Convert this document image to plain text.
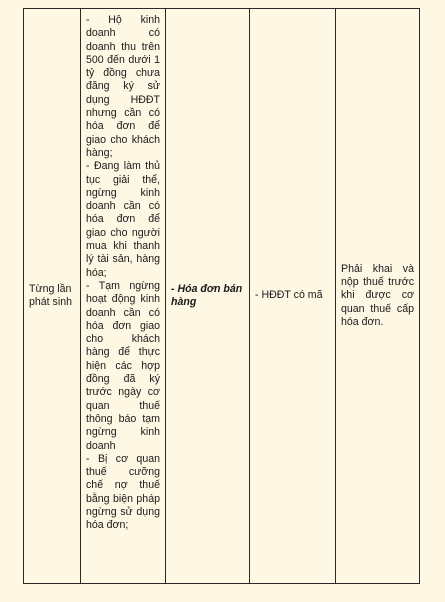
Từng lần phát sinh

- Hộ kinh doanh có doanh thu trên 500 đến dưới 1 tỷ đồng chưa đăng ký sử dụng HĐĐT nhưng cần có hóa đơn để giao cho khách hàng;
- Đang làm thủ tục giải thể, ngừng kinh doanh cần có hóa đơn để giao cho người mua khi thanh lý tài sản, hàng hóa;
- Tạm ngừng hoạt động kinh doanh cần có hóa đơn giao cho khách hàng để thực hiện các hợp đồng đã ký trước ngày cơ quan thuế thông báo tạm ngừng kinh doanh
- Bị cơ quan thuế cưỡng chế nợ thuế bằng biện pháp ngừng sử dụng hóa đơn;

- Hóa đơn bán hàng

- HĐĐT có mã

Phải khai và nộp thuế trước khi được cơ quan thuế cấp hóa đơn.
